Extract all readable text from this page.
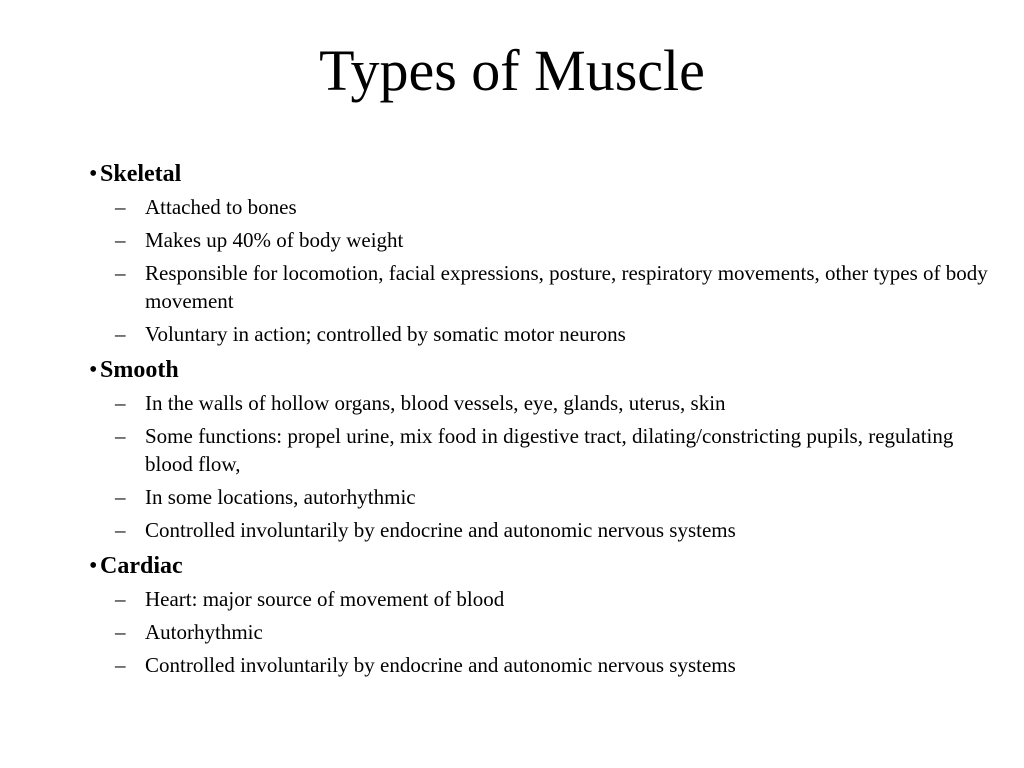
Types of Muscle
• Skeletal
– Attached to bones
– Makes up 40% of body weight
– Responsible for locomotion, facial expressions, posture, respiratory movements, other types of body movement
– Voluntary in action; controlled by somatic motor neurons
• Smooth
– In the walls of hollow organs, blood vessels, eye, glands, uterus, skin
– Some functions: propel urine, mix food in digestive tract, dilating/constricting pupils, regulating blood flow,
– In some locations, autorhythmic
– Controlled involuntarily by endocrine and autonomic nervous systems
• Cardiac
– Heart: major source of movement of blood
– Autorhythmic
– Controlled involuntarily by endocrine and autonomic nervous systems
